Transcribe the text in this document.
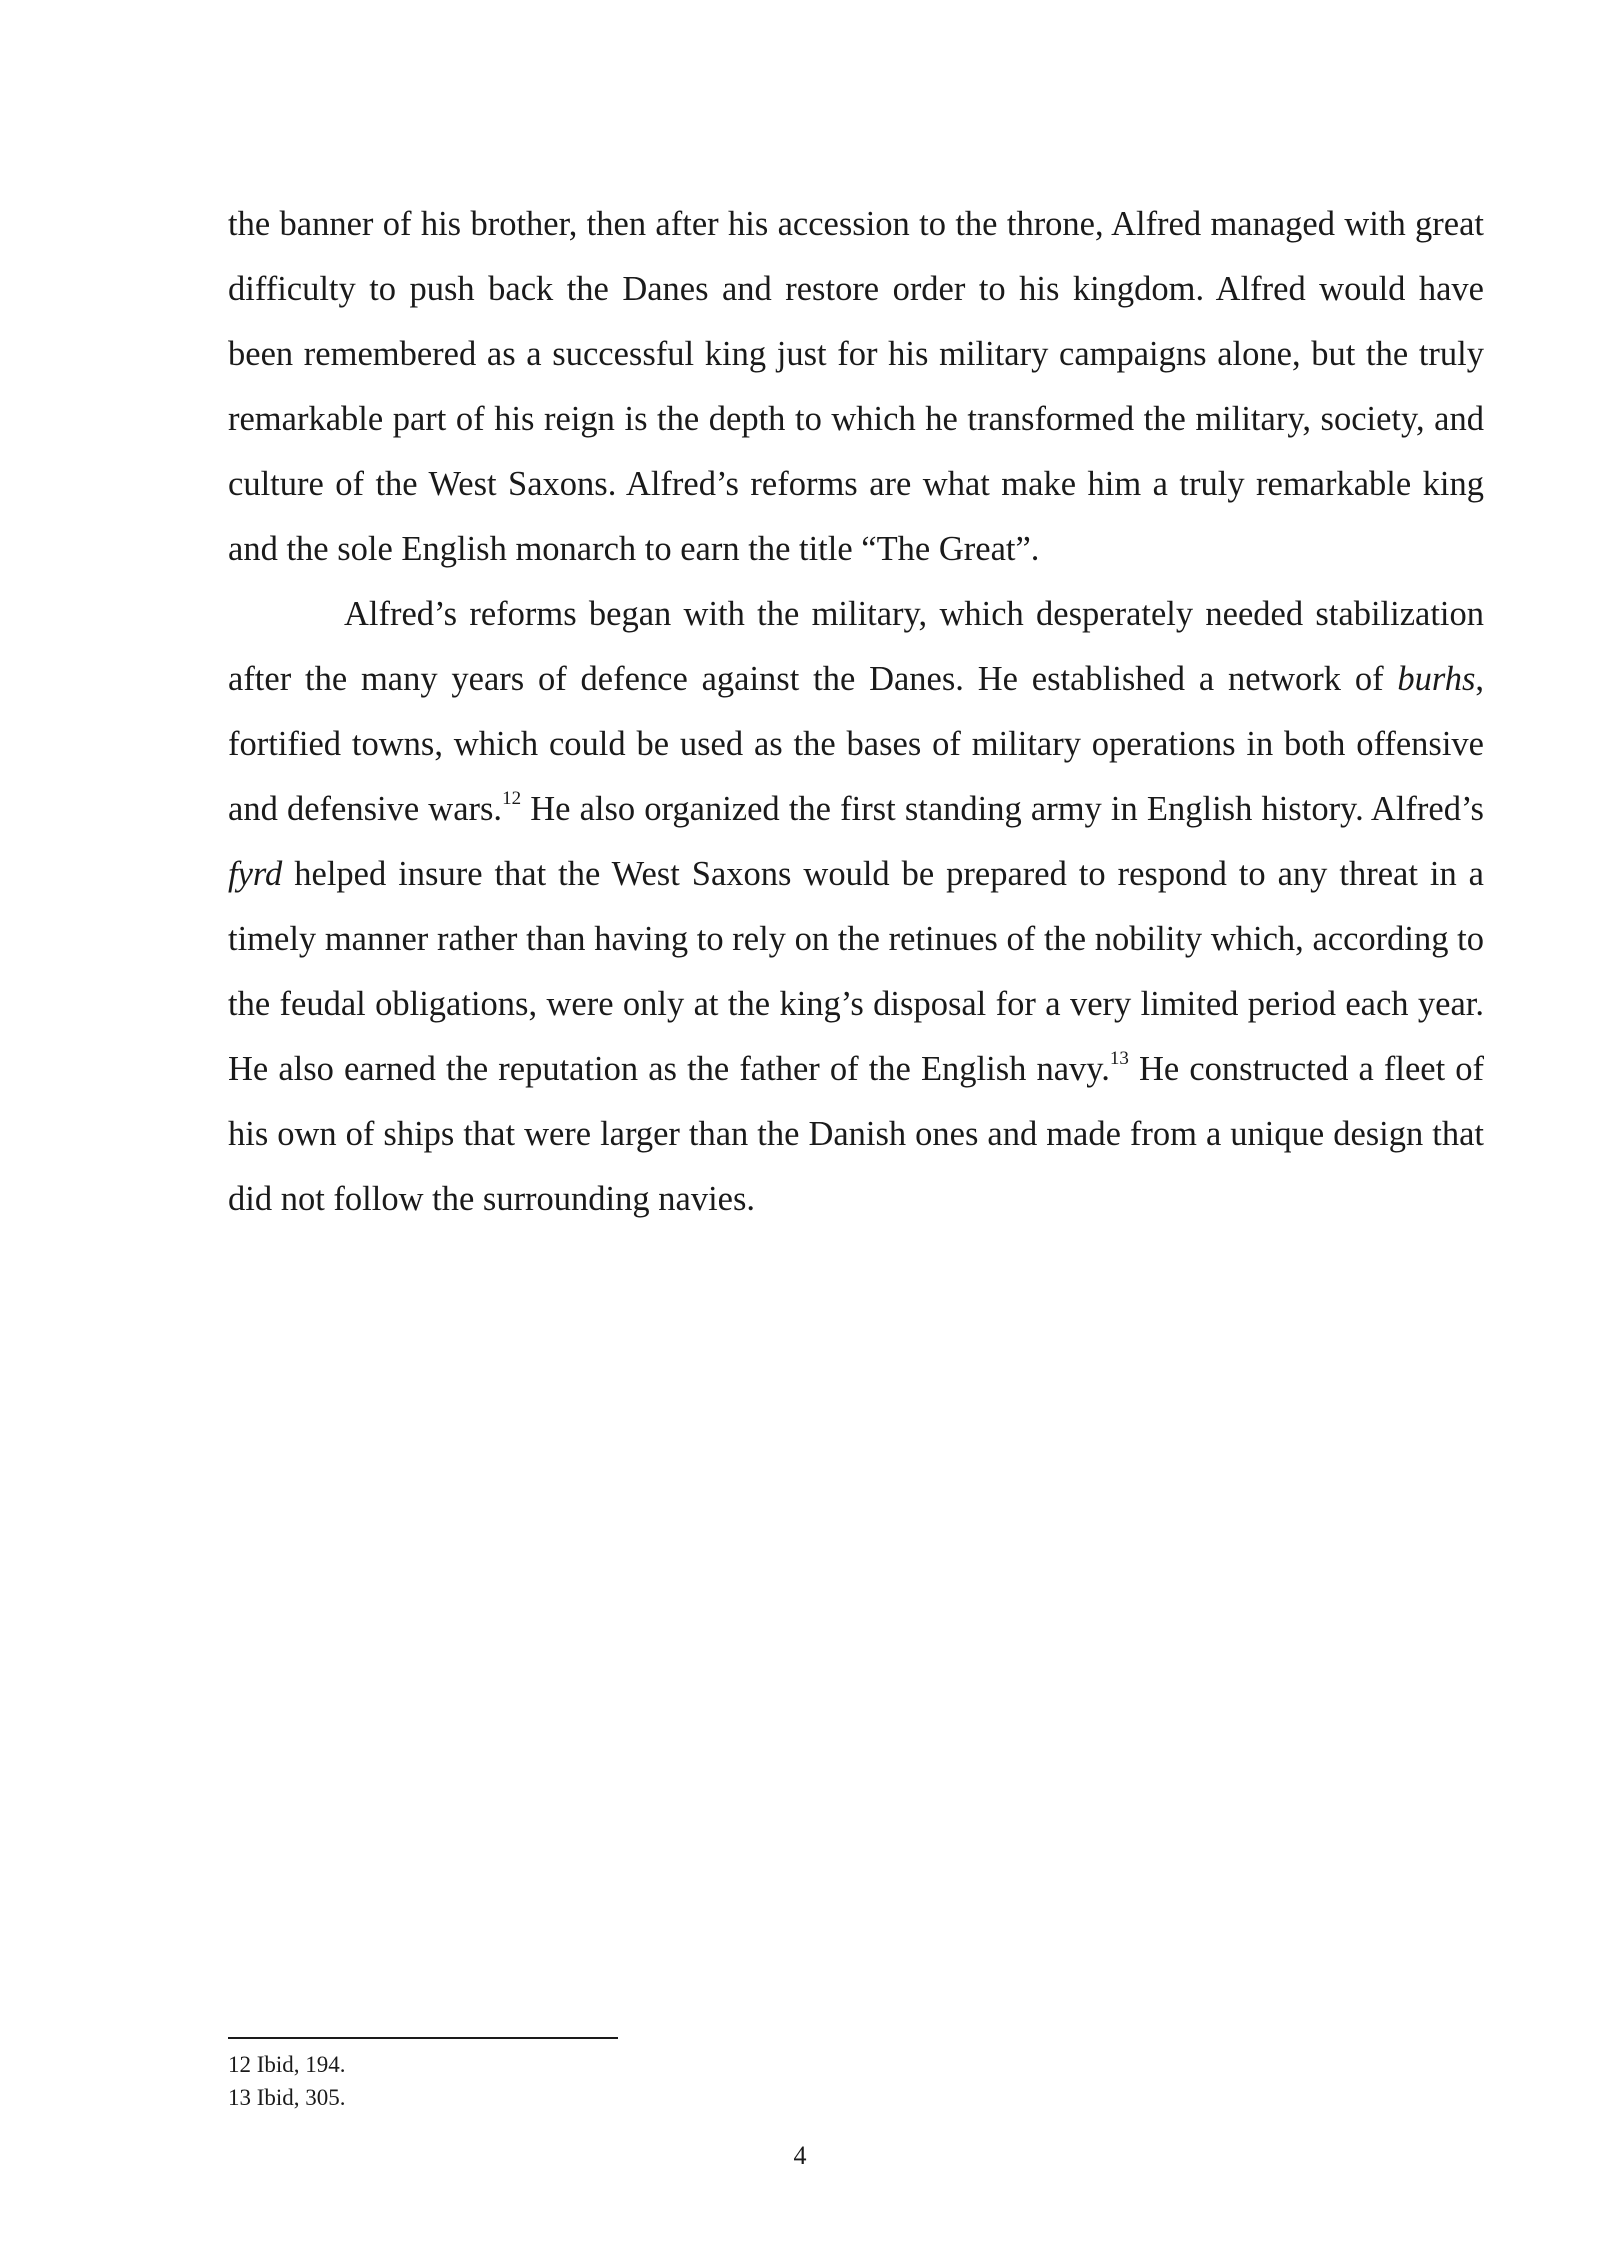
the banner of his brother, then after his accession to the throne, Alfred managed with great difficulty to push back the Danes and restore order to his kingdom. Alfred would have been remembered as a successful king just for his military campaigns alone, but the truly remarkable part of his reign is the depth to which he transformed the military, society, and culture of the West Saxons. Alfred’s reforms are what make him a truly remarkable king and the sole English monarch to earn the title “The Great”.

Alfred’s reforms began with the military, which desperately needed stabilization after the many years of defence against the Danes. He established a network of burhs, fortified towns, which could be used as the bases of military operations in both offensive and defensive wars.$^{12}$ He also organized the first standing army in English history. Alfred’s fyrd helped insure that the West Saxons would be prepared to respond to any threat in a timely manner rather than having to rely on the retinues of the nobility which, according to the feudal obligations, were only at the king’s disposal for a very limited period each year. He also earned the reputation as the father of the English navy.$^{13}$ He constructed a fleet of his own of ships that were larger than the Danish ones and made from a unique design that did not follow the surrounding navies.

12 Ibid, 194.
13 Ibid, 305.
4
